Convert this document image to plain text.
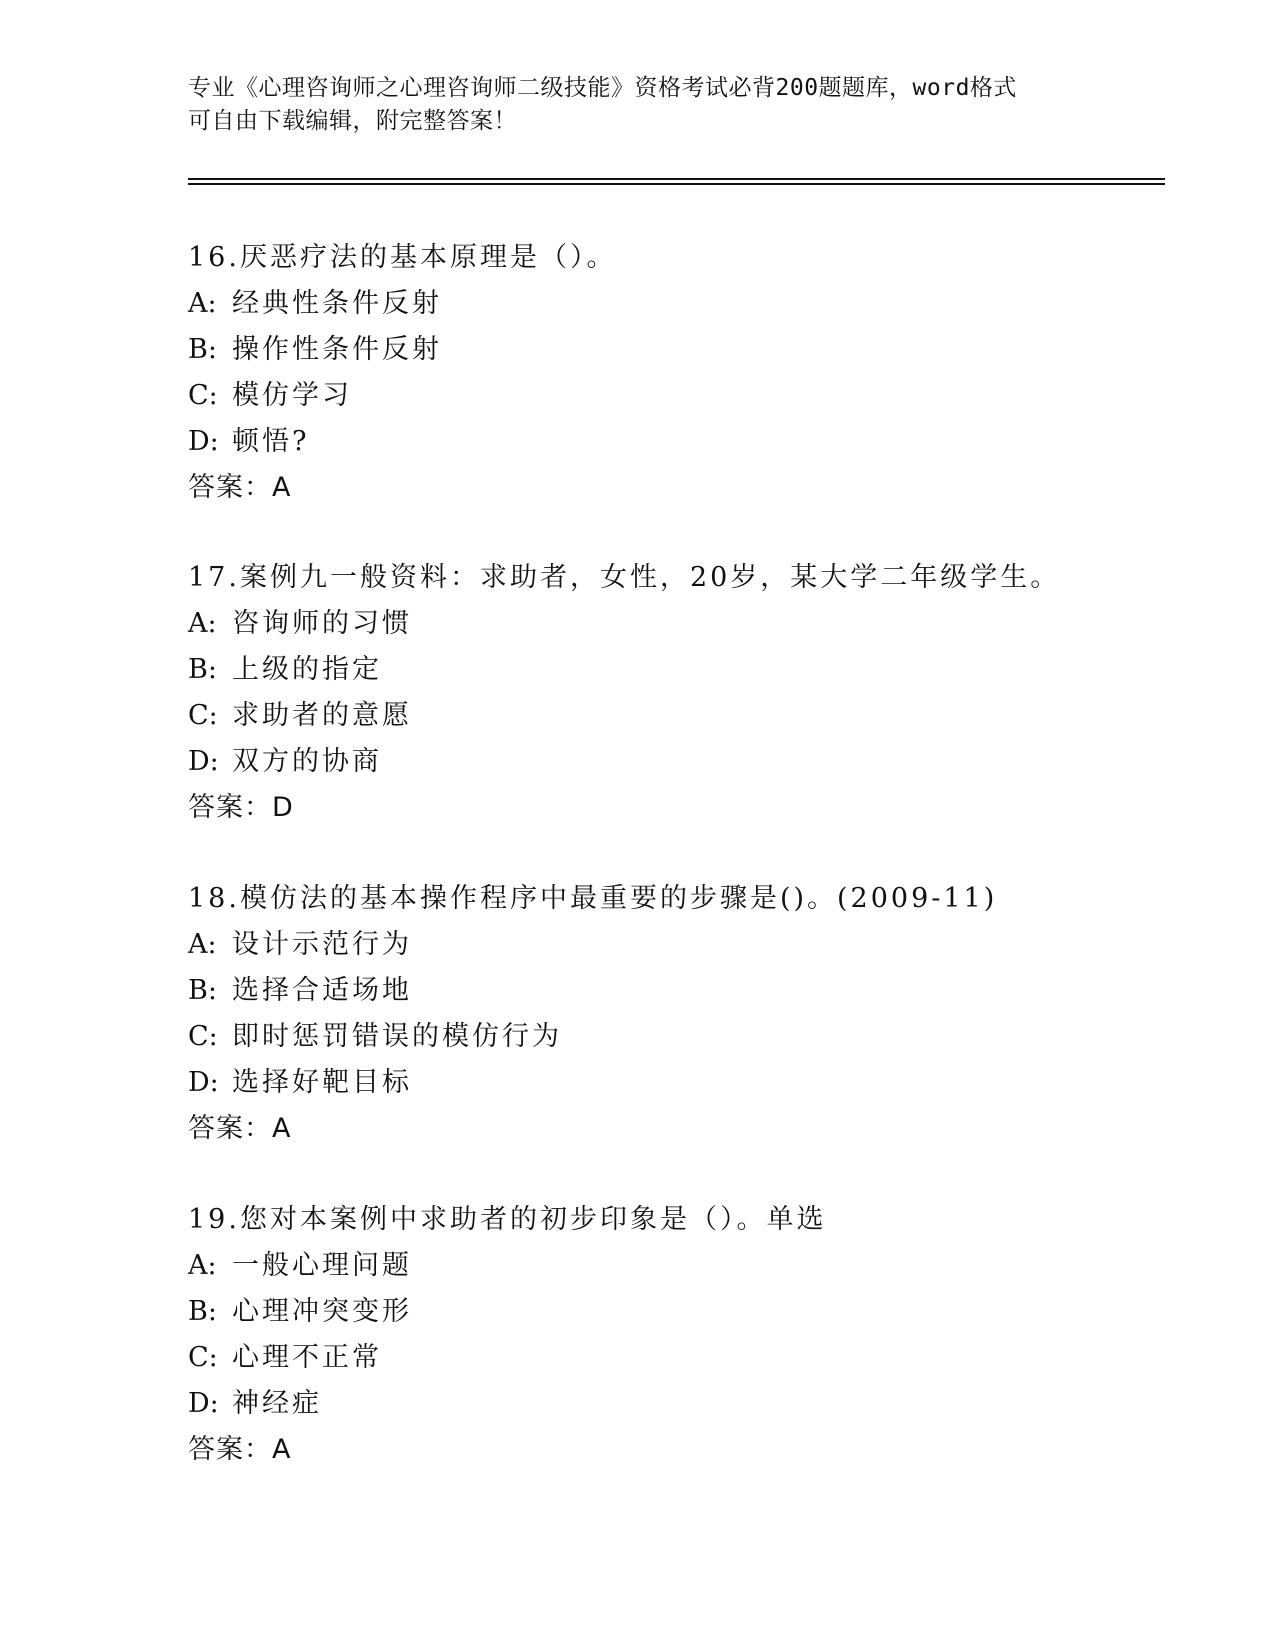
专业《心理咨询师之心理咨询师二级技能》资格考试必背200题题库，word格式
可自由下载编辑，附完整答案！
16.厌恶疗法的基本原理是（）。
A: 经典性条件反射
B: 操作性条件反射
C: 模仿学习
D: 顿悟?
答案：A
17.案例九一般资料：求助者，女性，20岁，某大学二年级学生。
A: 咨询师的习惯
B: 上级的指定
C: 求助者的意愿
D: 双方的协商
答案：D
18.模仿法的基本操作程序中最重要的步骤是()。(2009-11)
A: 设计示范行为
B: 选择合适场地
C: 即时惩罚错误的模仿行为
D: 选择好靶目标
答案：A
19.您对本案例中求助者的初步印象是（）。单选
A: 一般心理问题
B: 心理冲突变形
C: 心理不正常
D: 神经症
答案：A
